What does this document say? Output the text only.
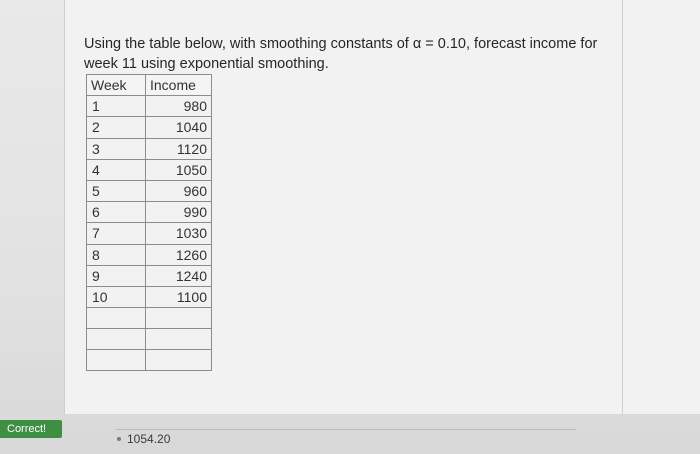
Using the table below, with smoothing constants of α = 0.10, forecast income for week 11 using exponential smoothing.

Week	Income
1	980
2	1040
3	1120
4	1050
5	960
6	990
7	1030
8	1260
9	1240
10	1100

Correct!
1054.20
